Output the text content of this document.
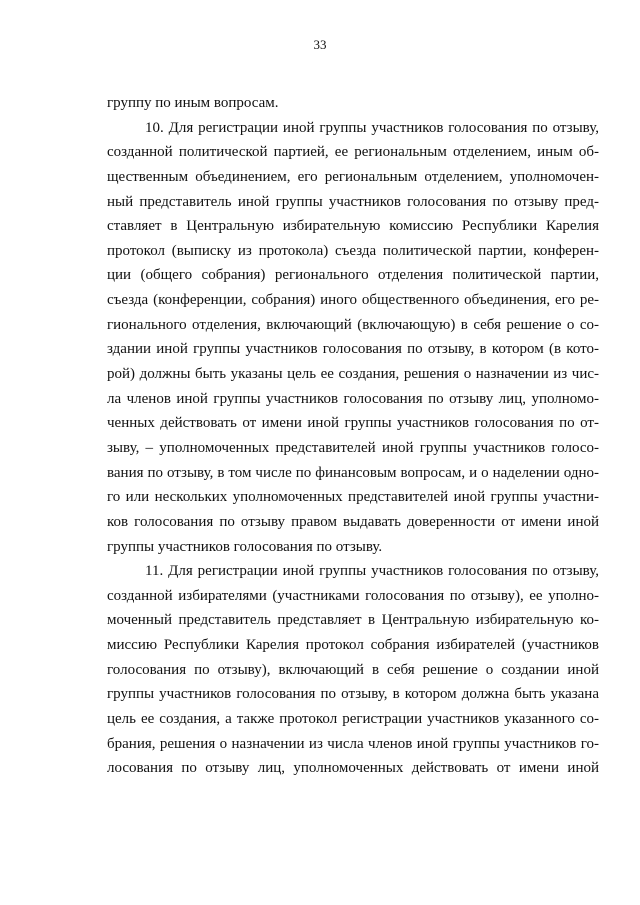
33
группу по иным вопросам.
10. Для регистрации иной группы участников голосования по отзыву,
созданной политической партией, ее региональным отделением, иным об-
щественным объединением, его региональным отделением, уполномочен-
ный представитель иной группы участников голосования по отзыву пред-
ставляет в Центральную избирательную комиссию Республики Карелия
протокол (выписку из протокола) съезда политической партии, конферен-
ции (общего собрания) регионального отделения политической партии,
съезда (конференции, собрания) иного общественного объединения, его ре-
гионального отделения, включающий (включающую) в себя решение о со-
здании иной группы участников голосования по отзыву, в котором (в кото-
рой) должны быть указаны цель ее создания, решения о назначении из чис-
ла членов иной группы участников голосования по отзыву лиц, уполномо-
ченных действовать от имени иной группы участников голосования по от-
зыву, – уполномоченных представителей иной группы участников голосо-
вания по отзыву, в том числе по финансовым вопросам, и о наделении одно-
го или нескольких уполномоченных представителей иной группы участни-
ков голосования по отзыву правом выдавать доверенности от имени иной
группы участников голосования по отзыву.
11. Для регистрации иной группы участников голосования по отзыву,
созданной избирателями (участниками голосования по отзыву), ее уполно-
моченный представитель представляет в Центральную избирательную ко-
миссию Республики Карелия протокол собрания избирателей (участников
голосования по отзыву), включающий в себя решение о создании иной
группы участников голосования по отзыву, в котором должна быть указана
цель ее создания, а также протокол регистрации участников указанного со-
брания, решения о назначении из числа членов иной группы участников го-
лосования по отзыву лиц, уполномоченных действовать от имени иной
